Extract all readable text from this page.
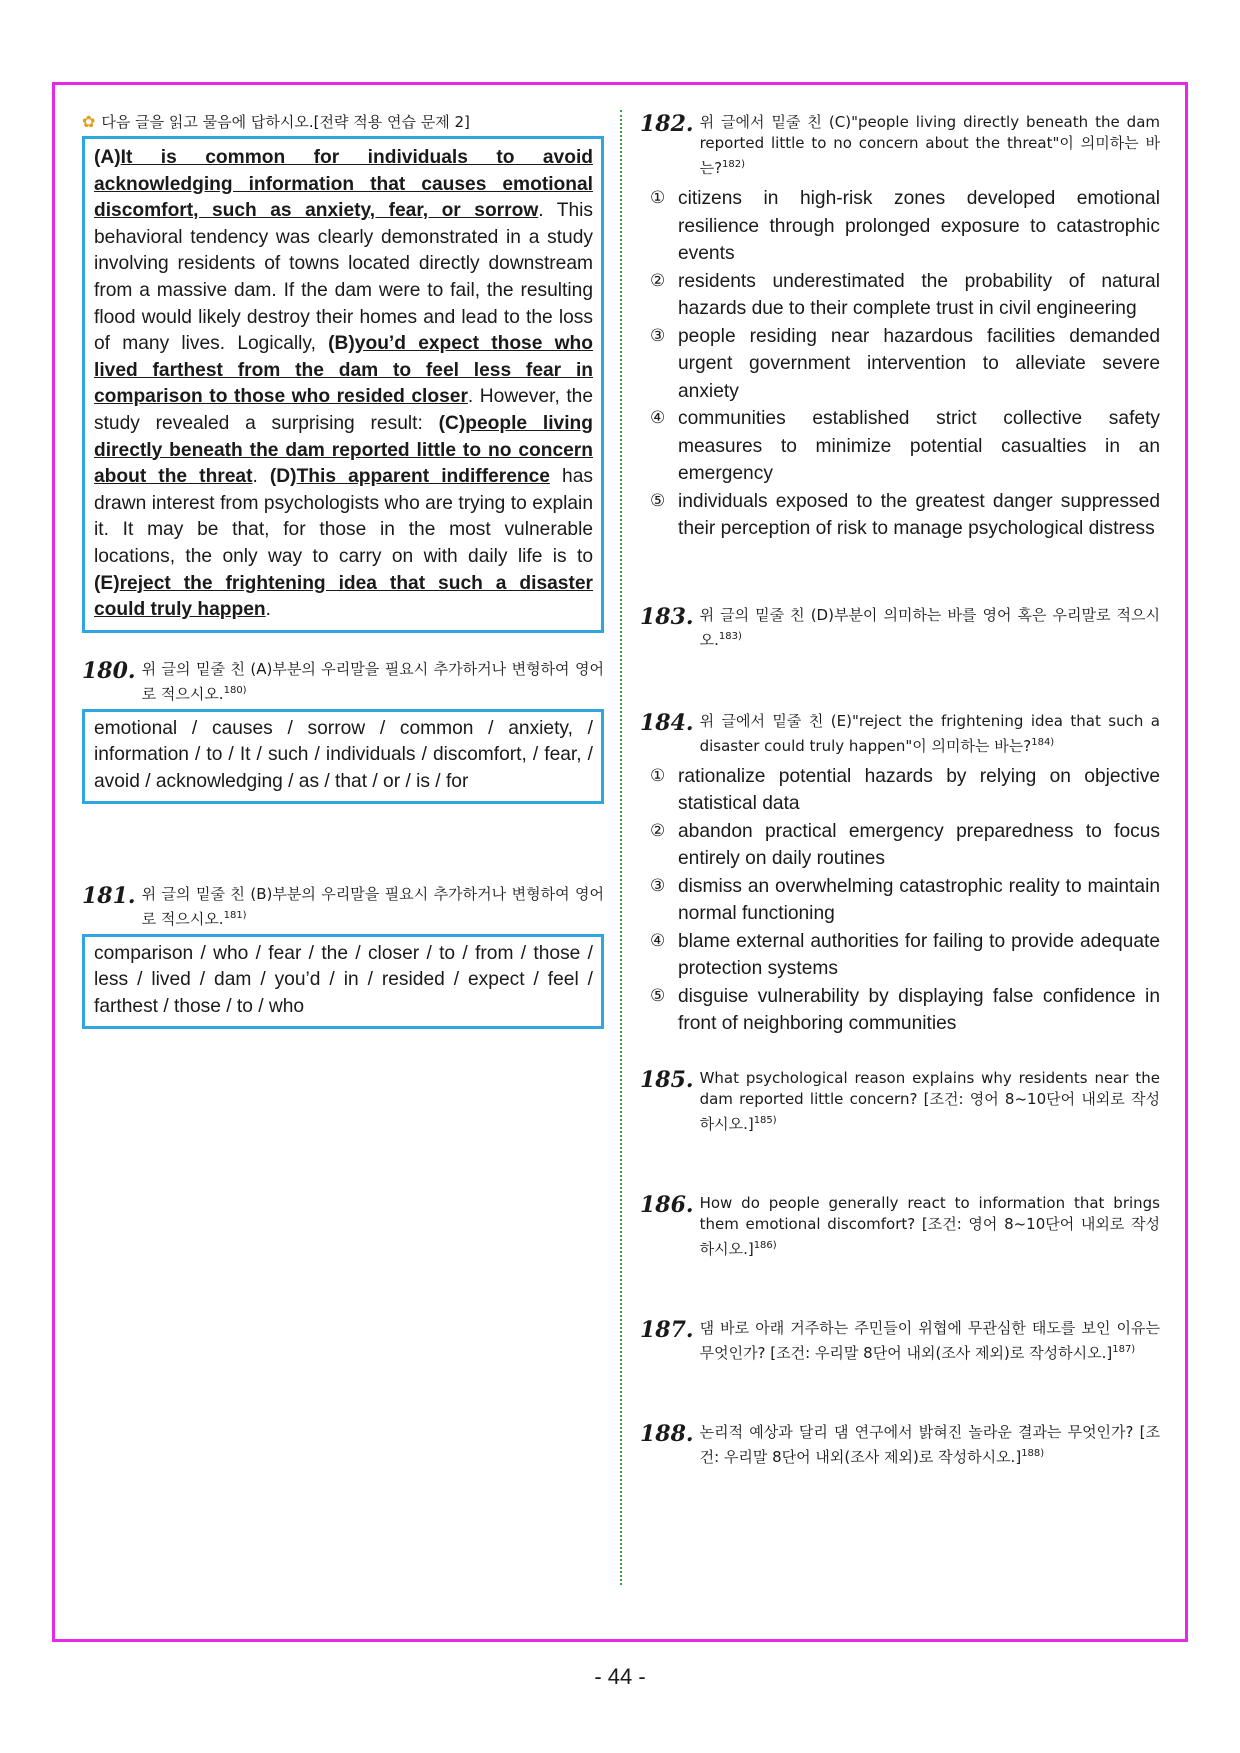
✿ 다음 글을 읽고 물음에 답하시오.[전략 적용 연습 문제 2]
(A)It is common for individuals to avoid acknowledging information that causes emotional discomfort, such as anxiety, fear, or sorrow. This behavioral tendency was clearly demonstrated in a study involving residents of towns located directly downstream from a massive dam. If the dam were to fail, the resulting flood would likely destroy their homes and lead to the loss of many lives. Logically, (B)you’d expect those who lived farthest from the dam to feel less fear in comparison to those who resided closer. However, the study revealed a surprising result: (C)people living directly beneath the dam reported little to no concern about the threat. (D)This apparent indifference has drawn interest from psychologists who are trying to explain it. It may be that, for those in the most vulnerable locations, the only way to carry on with daily life is to (E)reject the frightening idea that such a disaster could truly happen.
180. 위 글의 밑줄 친 (A)부분의 우리말을 필요시 추가하거나 변형하여 영어로 적으시오.$^{180)}$
emotional / causes / sorrow / common / anxiety, / information / to / It / such / individuals / discomfort, / fear, / avoid / acknowledging / as / that / or / is / for
181. 위 글의 밑줄 친 (B)부분의 우리말을 필요시 추가하거나 변형하여 영어로 적으시오.$^{181)}$
comparison / who / fear / the / closer / to / from / those / less / lived / dam / you’d / in / resided / expect / feel / farthest / those / to / who
182. 위 글에서 밑줄 친 (C)"people living directly beneath the dam reported little to no concern about the threat"이 의미하는 바는?$^{182)}$
① citizens in high-risk zones developed emotional resilience through prolonged exposure to catastrophic events
② residents underestimated the probability of natural hazards due to their complete trust in civil engineering
③ people residing near hazardous facilities demanded urgent government intervention to alleviate severe anxiety
④ communities established strict collective safety measures to minimize potential casualties in an emergency
⑤ individuals exposed to the greatest danger suppressed their perception of risk to manage psychological distress
183. 위 글의 밑줄 친 (D)부분이 의미하는 바를 영어 혹은 우리말로 적으시오.$^{183)}$
184. 위 글에서 밑줄 친 (E)"reject the frightening idea that such a disaster could truly happen"이 의미하는 바는?$^{184)}$
① rationalize potential hazards by relying on objective statistical data
② abandon practical emergency preparedness to focus entirely on daily routines
③ dismiss an overwhelming catastrophic reality to maintain normal functioning
④ blame external authorities for failing to provide adequate protection systems
⑤ disguise vulnerability by displaying false confidence in front of neighboring communities
185. What psychological reason explains why residents near the dam reported little concern? [조건: 영어 8~10단어 내외로 작성하시오.]$^{185)}$
186. How do people generally react to information that brings them emotional discomfort? [조건: 영어 8~10단어 내외로 작성하시오.]$^{186)}$
187. 댐 바로 아래 거주하는 주민들이 위협에 무관심한 태도를 보인 이유는 무엇인가? [조건: 우리말 8단어 내외(조사 제외)로 작성하시오.]$^{187)}$
188. 논리적 예상과 달리 댐 연구에서 밝혀진 놀라운 결과는 무엇인가? [조건: 우리말 8단어 내외(조사 제외)로 작성하시오.]$^{188)}$
- 44 -
